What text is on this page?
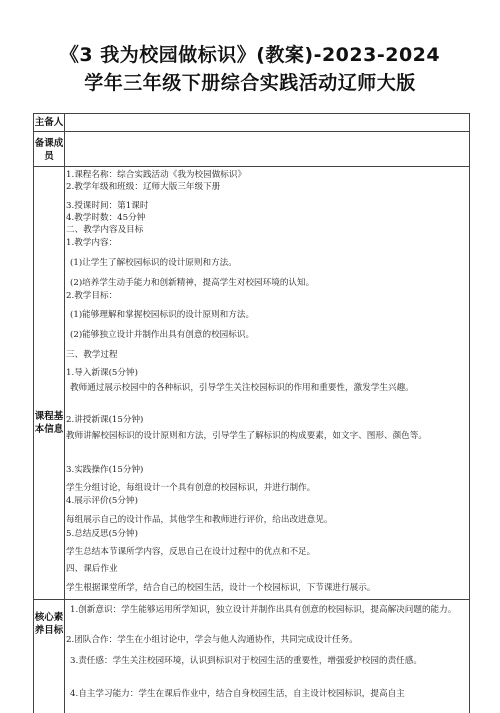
《3 我为校园做标识》(教案)-2023-2024
学年三年级下册综合实践活动辽师大版
主备人
备课成员
课程基本信息
核心素养目标
1.课程名称：综合实践活动《我为校园做标识》
2.教学年级和班级：辽师大版三年级下册
3.授课时间：第1课时
4.教学时数：45分钟
二、教学内容及目标
1.教学内容：
(1)让学生了解校园标识的设计原则和方法。
(2)培养学生动手能力和创新精神，提高学生对校园环境的认知。
2.教学目标：
(1)能够理解和掌握校园标识的设计原则和方法。
(2)能够独立设计并制作出具有创意的校园标识。
三、教学过程
1.导入新课(5分钟)
教师通过展示校园中的各种标识，引导学生关注校园标识的作用和重要性，激发学生兴趣。
2.讲授新课(15分钟)
教师讲解校园标识的设计原则和方法，引导学生了解标识的构成要素，如文字、图形、颜色等。
3.实践操作(15分钟)
学生分组讨论，每组设计一个具有创意的校园标识，并进行制作。
4.展示评价(5分钟)
每组展示自己的设计作品，其他学生和教师进行评价，给出改进意见。
5.总结反思(5分钟)
学生总结本节课所学内容，反思自己在设计过程中的优点和不足。
四、课后作业
学生根据课堂所学，结合自己的校园生活，设计一个校园标识，下节课进行展示。
1.创新意识：学生能够运用所学知识，独立设计并制作出具有创意的校园标识，提高解决问题的能力。
2.团队合作：学生在小组讨论中，学会与他人沟通协作，共同完成设计任务。
3.责任感：学生关注校园环境，认识到标识对于校园生活的重要性，增强爱护校园的责任感。
4.自主学习能力：学生在课后作业中，结合自身校园生活，自主设计校园标识，提高自主
